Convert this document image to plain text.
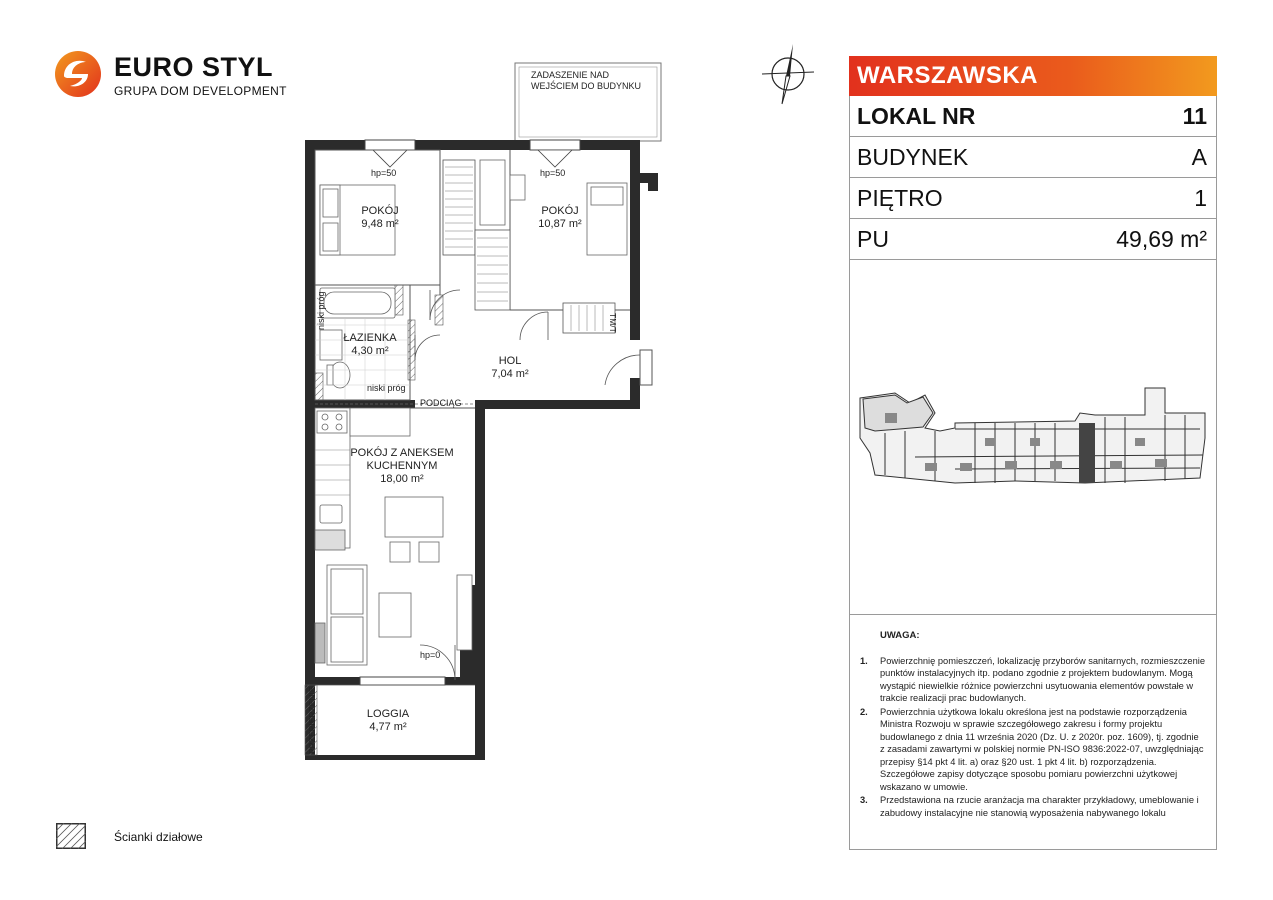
EURO STYL
GRUPA DOM DEVELOPMENT
WARSZAWSKA
LOKAL NR	11
BUDYNEK	A
PIĘTRO	1
PU	49,69 m²
UWAGA:
1.	Powierzchnię pomieszczeń, lokalizację przyborów sanitarnych, rozmieszczenie punktów instalacyjnych itp. podano zgodnie z projektem budowlanym. Mogą wystąpić niewielkie różnice powierzchni usytuowania elementów powstałe w trakcie realizacji prac budowlanych.
2.	Powierzchnia użytkowa lokalu określona jest na podstawie rozporządzenia Ministra Rozwoju w sprawie szczegółowego zakresu i formy projektu budowlanego z dnia 11 września 2020 (Dz. U. z 2020r. poz. 1609), tj. zgodnie z zasadami zawartymi w polskiej normie PN-ISO 9836:2022-07, uwzględniając przepisy §14 pkt 4 lit. a) oraz §20 ust. 1 pkt 4 lit. b) rozporządzenia. Szczegółowe zapisy dotyczące sposobu pomiaru powierzchni użytkowej wskazano w umowie.
3.	Przedstawiona na rzucie aranżacja ma charakter przykładowy, umeblowanie i zabudowy instalacyjne nie stanowią wyposażenia nabywanego lokalu
Ścianki działowe
ZADASZENIE NAD
WEJŚCIEM DO BUDYNKU
hp=50	hp=50
POKÓJ
9,48 m²
POKÓJ
10,87 m²
niski próg
ŁAZIENKA
4,30 m²
niski próg
HOL
7,04 m²
TM/T
PODCIĄG
POKÓJ Z ANEKSEM
KUCHENNYM
18,00 m²
hp=0
LOGGIA
4,77 m²
PRZEPIERZENIE
